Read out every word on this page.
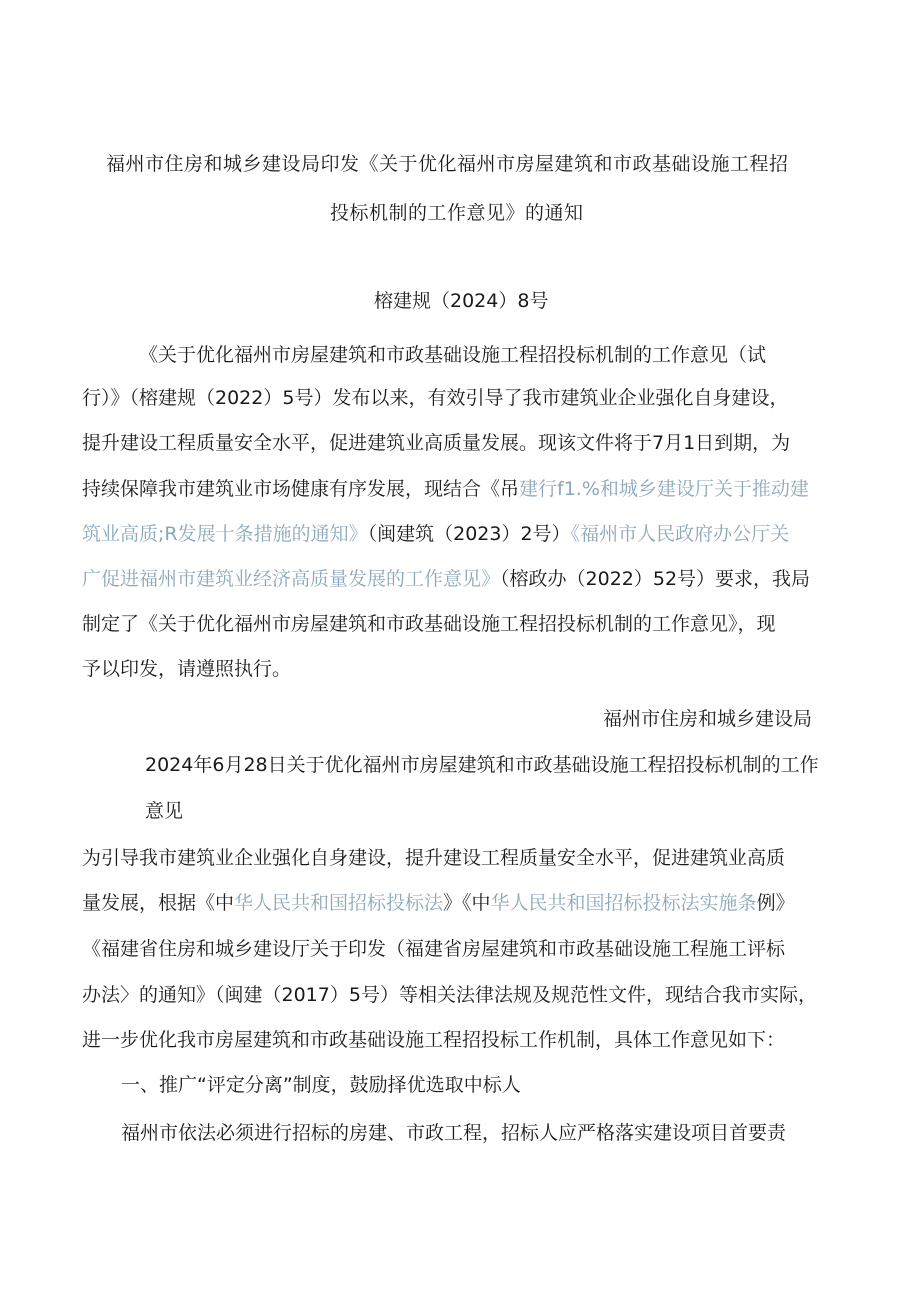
福州市住房和城乡建设局印发《关于优化福州市房屋建筑和市政基础设施工程招
投标机制的工作意见》的通知
榕建规（2024）8号
《关于优化福州市房屋建筑和市政基础设施工程招投标机制的工作意见（试
行）》（榕建规（2022）5号）发布以来，有效引导了我市建筑业企业强化自身建设，
提升建设工程质量安全水平，促进建筑业高质量发展。现该文件将于7月1日到期，为
持续保障我市建筑业市场健康有序发展，现结合《吊建行f1.%和城乡建设厅关于推动建
筑业高质;R发展十条措施的通知》（闽建筑（2023）2号）《福州市人民政府办公厅关
广促进福州市建筑业经济高质量发展的工作意见》（榕政办（2022）52号）要求，我局
制定了《关于优化福州市房屋建筑和市政基础设施工程招投标机制的工作意见》，现
予以印发，请遵照执行。
福州市住房和城乡建设局
2024年6月28日关于优化福州市房屋建筑和市政基础设施工程招投标机制的工作
意见
为引导我市建筑业企业强化自身建设，提升建设工程质量安全水平，促进建筑业高质
量发展，根据《中华人民共和国招标投标法》《中华人民共和国招标投标法实施条例》
《福建省住房和城乡建设厅关于印发（福建省房屋建筑和市政基础设施工程施工评标
办法〉的通知》（闽建（2017）5号）等相关法律法规及规范性文件，现结合我市实际，
进一步优化我市房屋建筑和市政基础设施工程招投标工作机制，具体工作意见如下：
一、推广“评定分离”制度，鼓励择优选取中标人
福州市依法必须进行招标的房建、市政工程，招标人应严格落实建设项目首要责
